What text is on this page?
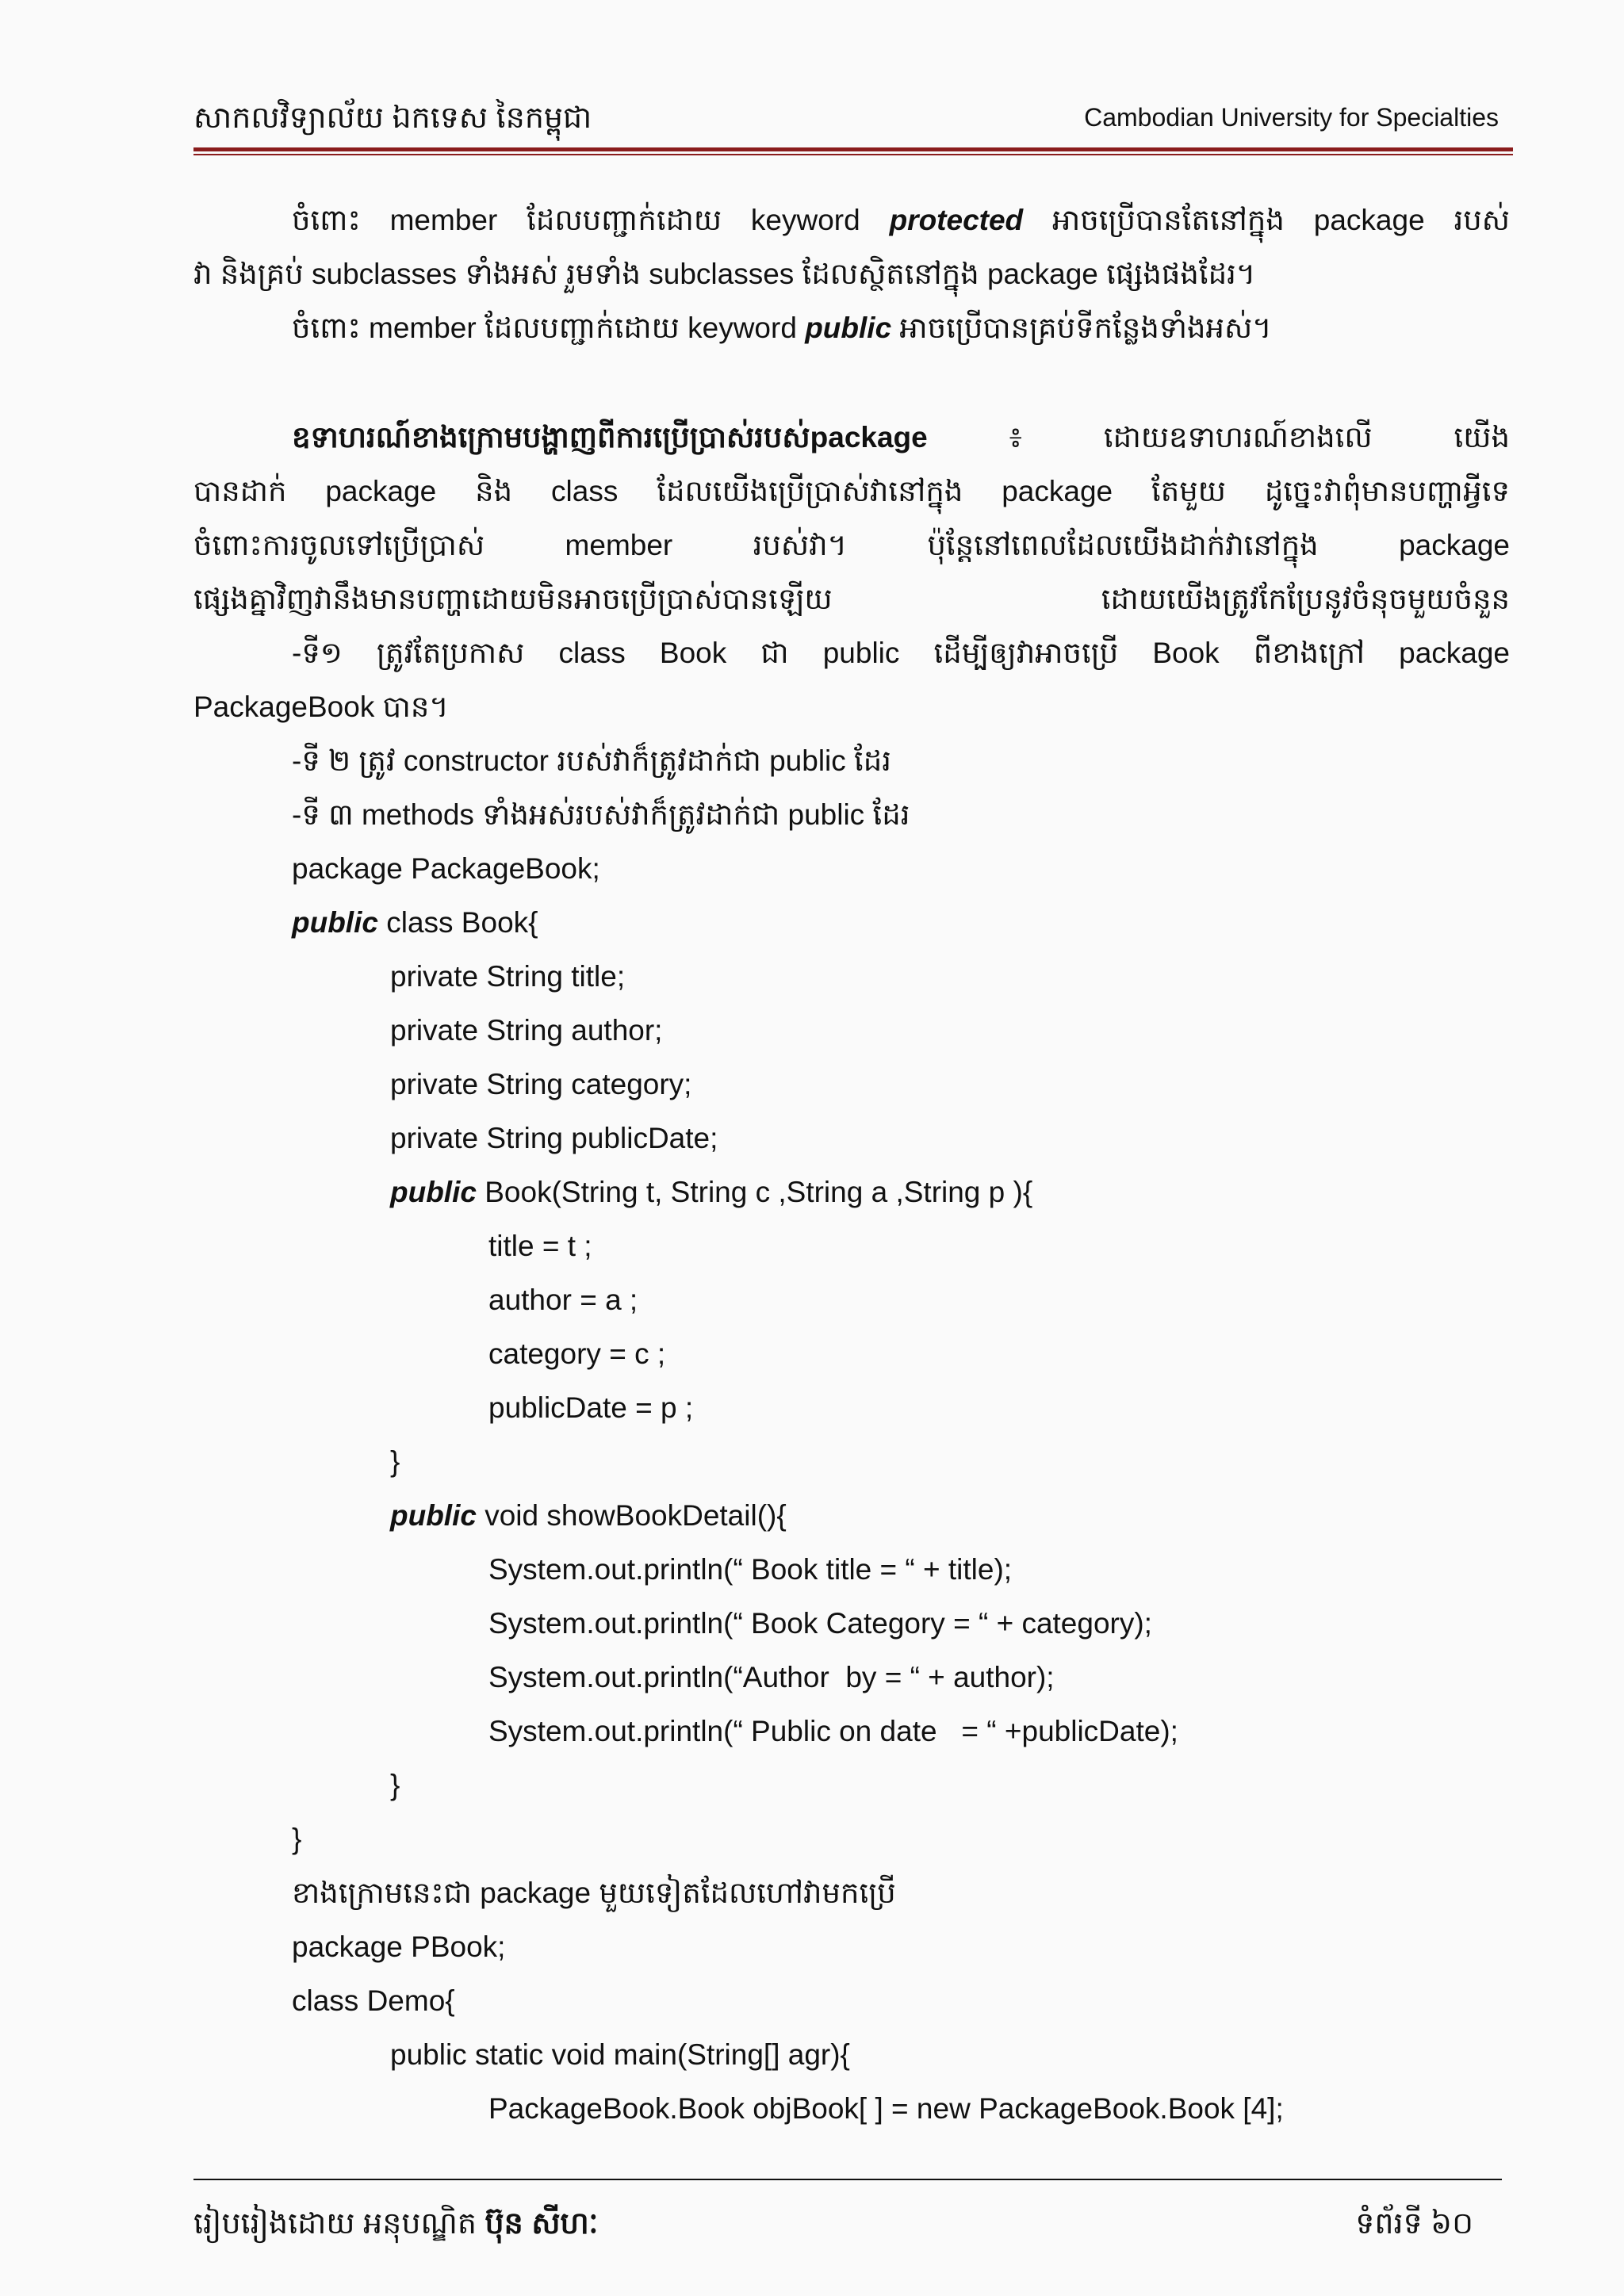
សាកលវិទ្យាល័យ ឯកទេស នៃកម្ពុជា	Cambodian University for Specialties
ចំពោះ member ដែលបញ្ជាក់ដោយ keyword protected អាចប្រើបានតែនៅក្នុង package របស់
វា និងគ្រប់ subclasses ទាំងអស់ រួមទាំង subclasses ដែលស្ថិតនៅក្នុង package ផ្សេងផងដែរ។
ចំពោះ member ដែលបញ្ជាក់ដោយ keyword public អាចប្រើបានគ្រប់ទីកន្លែងទាំងអស់។
ឧទាហរណ៍ខាងក្រោមបង្ហាញពីការប្រើប្រាស់របស់package ៖ ដោយឧទាហរណ៍ខាងលើ យើង
បានដាក់ package និង class ដែលយើងប្រើប្រាស់វានៅក្នុង package តែមួយ ដូច្នេះវាពុំមានបញ្ហាអ្វីទេ
ចំពោះការចូលទៅប្រើប្រាស់ member របស់វា។ ប៉ុន្តែនៅពេលដែលយើងដាក់វានៅក្នុង package
ផ្សេងគ្នាវិញវានឹងមានបញ្ហាដោយមិនអាចប្រើប្រាស់បានឡើយ ដោយយើងត្រូវកែប្រែនូវចំនុចមួយចំនួន
-ទី១ ត្រូវតែប្រកាស class Book ជា public ដើម្បីឲ្យវាអាចប្រើ Book ពីខាងក្រៅ package
PackageBook បាន។
-ទី ២ ត្រូវ constructor របស់វាក៏ត្រូវដាក់ជា public ដែរ
-ទី ៣ methods ទាំងអស់របស់វាក៏ត្រូវដាក់ជា public ដែរ
package PackageBook;
public class Book{
private String title;
private String author;
private String category;
private String publicDate;
public Book(String t, String c ,String a ,String p ){
title = t ;
author = a ;
category = c ;
publicDate = p ;
}
public void showBookDetail(){
System.out.println(“ Book title = “ + title);
System.out.println(“ Book Category = “ + category);
System.out.println(“Author  by = “ + author);
System.out.println(“ Public on date   = “ +publicDate);
}
}
ខាងក្រោមនេះជា package មួយទៀតដែលហៅវាមកប្រើ
package PBook;
class Demo{
public static void main(String[] agr){
PackageBook.Book objBook[ ] = new PackageBook.Book [4];
រៀបរៀងដោយ អនុបណ្ឌិត ប៊ុន សីហៈ	ទំព័រទី ៦០
